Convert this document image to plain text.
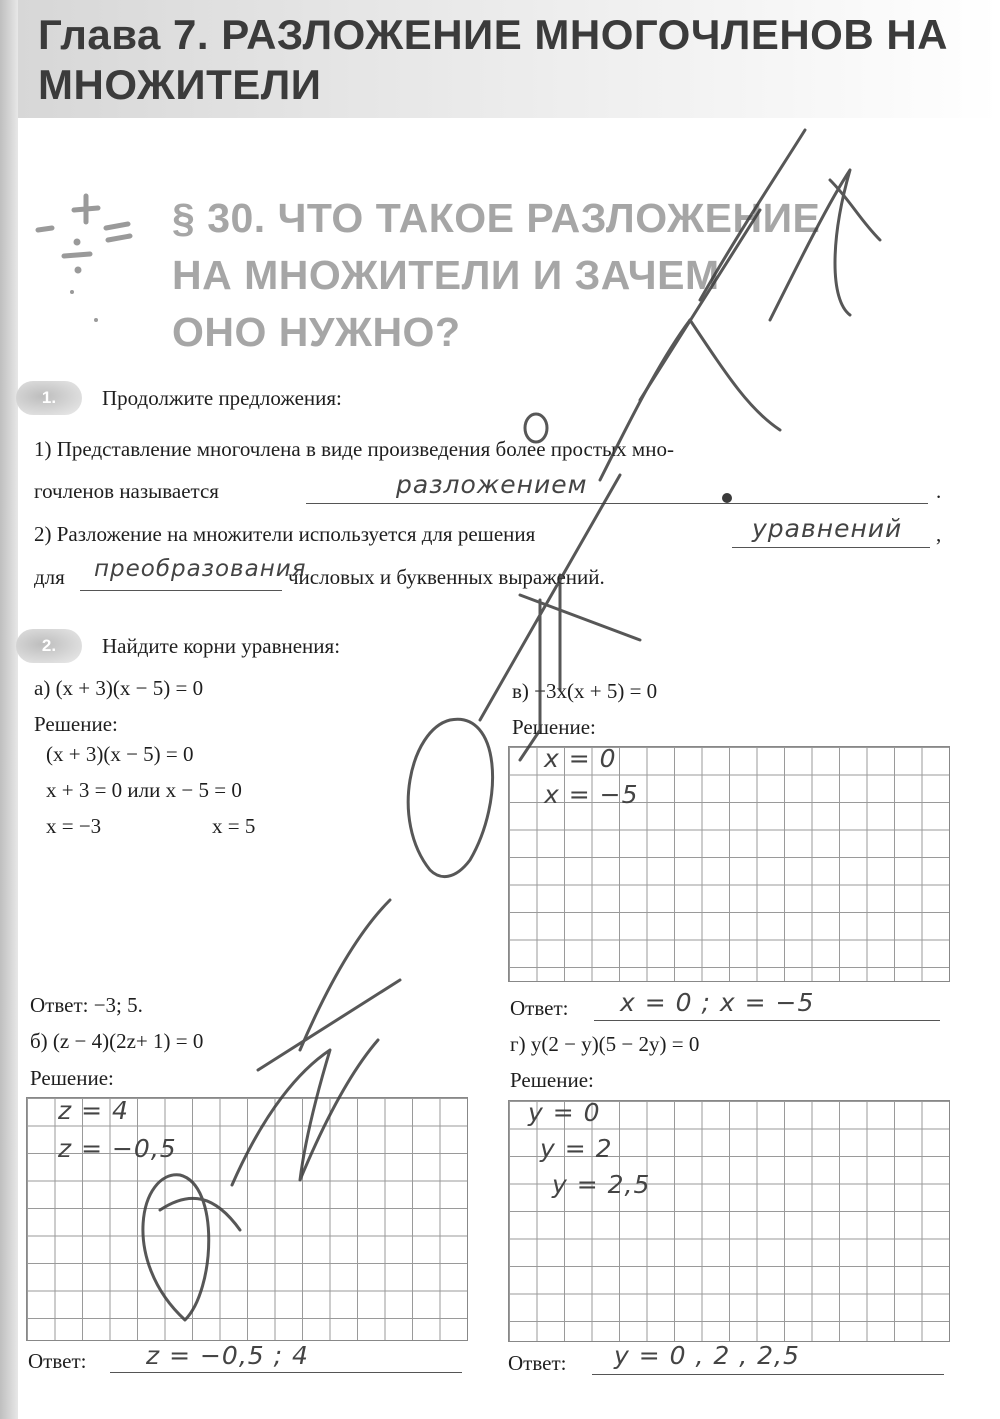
Глава 7. РАЗЛОЖЕНИЕ МНОГОЧЛЕНОВ НА МНОЖИТЕЛИ
§ 30. ЧТО ТАКОЕ РАЗЛОЖЕНИЕ
НА МНОЖИТЕЛИ И ЗАЧЕМ
ОНО НУЖНО?
1.	Продолжите предложения:
1) Представление многочлена в виде произведения более простых мно-
гочленов называется	разложением	.
2) Разложение на множители используется для решения	уравнений ,
для преобразования
числовых и буквенных выражений.
2.	Найдите корни уравнения:
а) (x + 3)(x − 5) = 0
Решение:
(x + 3)(x − 5) = 0
x + 3 = 0 или x − 5 = 0
x = −3	x = 5
Ответ: −3; 5.
б) (z − 4)(2z+ 1) = 0
Решение:
z = 4
z = −0,5
Ответ: z = −0,5 ; 4
в) −3x(x + 5) = 0
Решение:
x = 0
x = −5
Ответ: x = 0 ; x = −5
г) y(2 − y)(5 − 2y) = 0
Решение:
y = 0
y = 2
y = 2,5
Ответ: y = 0 , 2 , 2,5
